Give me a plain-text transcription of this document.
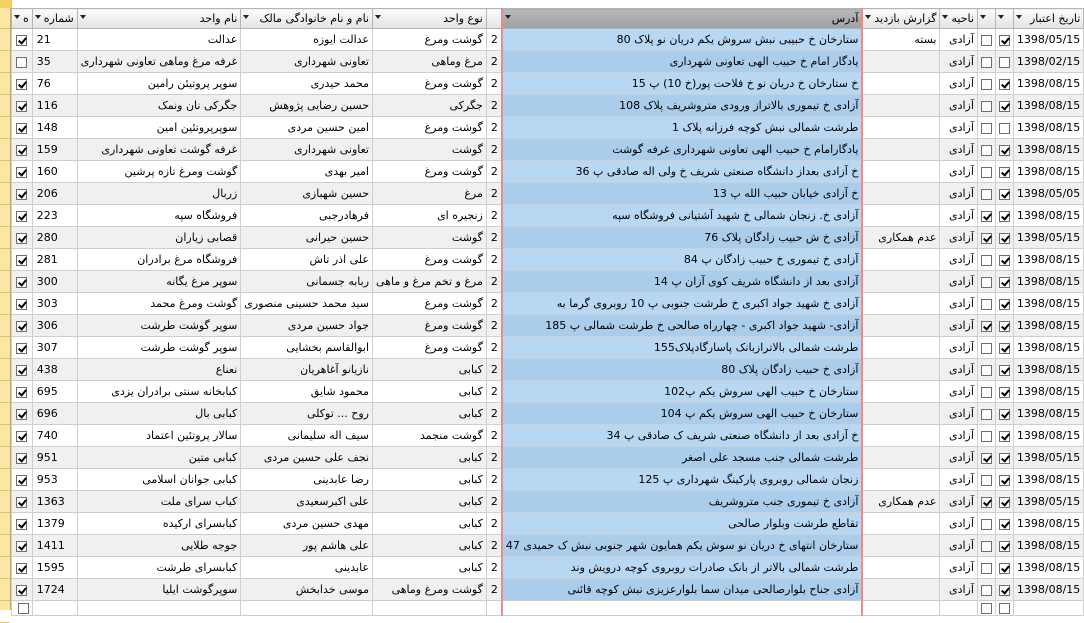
ه	شماره	نام واحد	نام و نام خانوادگی مالک	نوع واحد		آدرس	گزارش بازدید	ناحیه			تاریخ اعتبار
	21	عدالت	عدالت ایوزه	گوشت ومرغ	2	ستارخان خ حبیبی نبش سروش یکم دریان نو پلاک 80	بسته	آزادی			1398/05/15
	35	غرفه مرغ وماهی تعاونی شهرداری	تعاونی شهرداری	مرغ وماهی	2	یادگار امام خ حبیب الهی تعاونی شهرداری		آزادی			1398/02/15
	76	سوپر پروتیئن رامین	محمد حیدری	گوشت ومرغ	2	خ ستارخان خ دریان نو خ فلاحت پور(خ 10) پ 15		آزادی			1398/08/15
	116	جگرکی نان ونمک	حسین رضایی پژوهش	جگرکی	2	آزادی خ تیموری بالاتراز ورودی متروشریف پلاک 108		آزادی			1398/08/15
	148	سوپرپروتئین امین	امین حسین مردی	گوشت ومرغ	2	طرشت شمالی نبش کوچه فرزانه پلاک 1		آزادی			1398/08/15
	159	غرفه گوشت تعاونی شهرداری	تعاونی شهرداری	گوشت	2	یادگارامام خ حبیب الهی تعاونی شهرداری غرفه گوشت		آزادی			1398/08/15
	160	گوشت ومرغ تازه پرشین	امیر بهدی	گوشت ومرغ	2	خ آزادی بعداز دانشگاه صنعتی شریف خ ولی اله صادقی پ 36		آزادی			1398/08/15
	206	زربال	حسین شهبازی	مرغ	2	خ آزادی خیابان حبیب الله پ 13		آزادی			1398/05/05
	223	فروشگاه سپه	فرهادرجبی	زنجیره ای	2	آزادی خ. زنجان شمالی خ شهید آشتیانی فروشگاه سپه		آزادی			1398/08/15
	280	قصابی زیاران	حسین حیرانی	گوشت	2	آزادی خ ش حبیب زادگان پلاک 76	عدم همکاری	آزادی			1398/05/15
	281	فروشگاه مرغ برادران	علی اذر تاش	گوشت ومرغ	2	آزادی خ تیموری خ حبیب زادگان پ 84		آزادی			1398/08/15
	300	سوپر مرغ یگانه	ربابه جسمانی	مرغ و تخم مرغ و ماهی	2	آزادی بعد از دانشگاه شریف کوی آزان پ 14		آزادی			1398/08/15
	303	گوشت ومرغ محمد	سید محمد حسینی منصوری	گوشت ومرغ	2	آزادی خ شهید جواد اکبری خ طرشت جنوبی پ 10 روبروی گرما به		آزادی			1398/08/15
	306	سوپر گوشت طرشت	جواد حسین مردی	گوشت ومرغ	2	آزادی- شهید جواد اکبری - چهارراه صالحی خ طرشت شمالی پ 185		آزادی			1398/08/15
	307	سوپر گوشت طرشت	ابوالقاسم بخشایی	گوشت ومرغ	2	طرشت شمالی بالاترازبانک پاسارگادپلاک155		آزادی			1398/08/15
	438	نعناع	نازیانو آغاهریان	کبابی	2	آزادی خ حبیب زادگان پلاک 80		آزادی			1398/08/15
	695	کبابخانه سنتی برادران یزدی	محمود شایق	کبابی	2	ستارخان خ حبیب الهی سروش یکم پ102		آزادی			1398/08/15
	696	کبابی بال	روح ... توکلی	کبابی	2	ستارخان خ حبیب الهی سروش یکم پ 104		آزادی			1398/08/15
	740	سالار پروتئین اعتماد	سیف اله سلیمانی	گوشت منجمد	2	خ آزادی بعد از دانشگاه صنعتی شریف ک صادقی پ 34		آزادی			1398/08/15
	951	کبابی متین	نجف علی حسین مردی	کبابی	2	طرشت شمالی جنب مسجد علی اصغر		آزادی			1398/05/15
	953	کبابی جوانان اسلامی	رضا عابدینی	کبابی	2	زنجان شمالی روبروی پارکینگ شهرداری پ 125		آزادی			1398/08/15
	1363	کباب سرای ملت	علی اکبرسعیدی	کبابی	2	آزادی خ تیموری جنب متروشریف	عدم همکاری	آزادی			1398/05/15
	1379	کبابسرای ارکیده	مهدی حسین مردی	کبابی	2	تقاطع طرشت وبلوار صالحی		آزادی			1398/08/15
	1411	جوجه طلایی	علی هاشم پور	کبابی	2	ستارخان انتهای خ دریان نو سوش یکم همایون شهر جنوبی نبش ک حمیدی 47		آزادی			1398/08/15
	1595	کبابسرای طرشت	عابدینی	کبابی	2	طرشت شمالی بالاتر از بانک صادرات روبروی کوچه درویش وند		آزادی			1398/08/15
	1724	سوپرگوشت ایلیا	موسی خدابخش	گوشت ومرغ وماهی	2	آزادی جناح بلوارصالحی میدان سما بلوارعزیزی نبش کوچه قائنی		آزادی			1398/08/15
